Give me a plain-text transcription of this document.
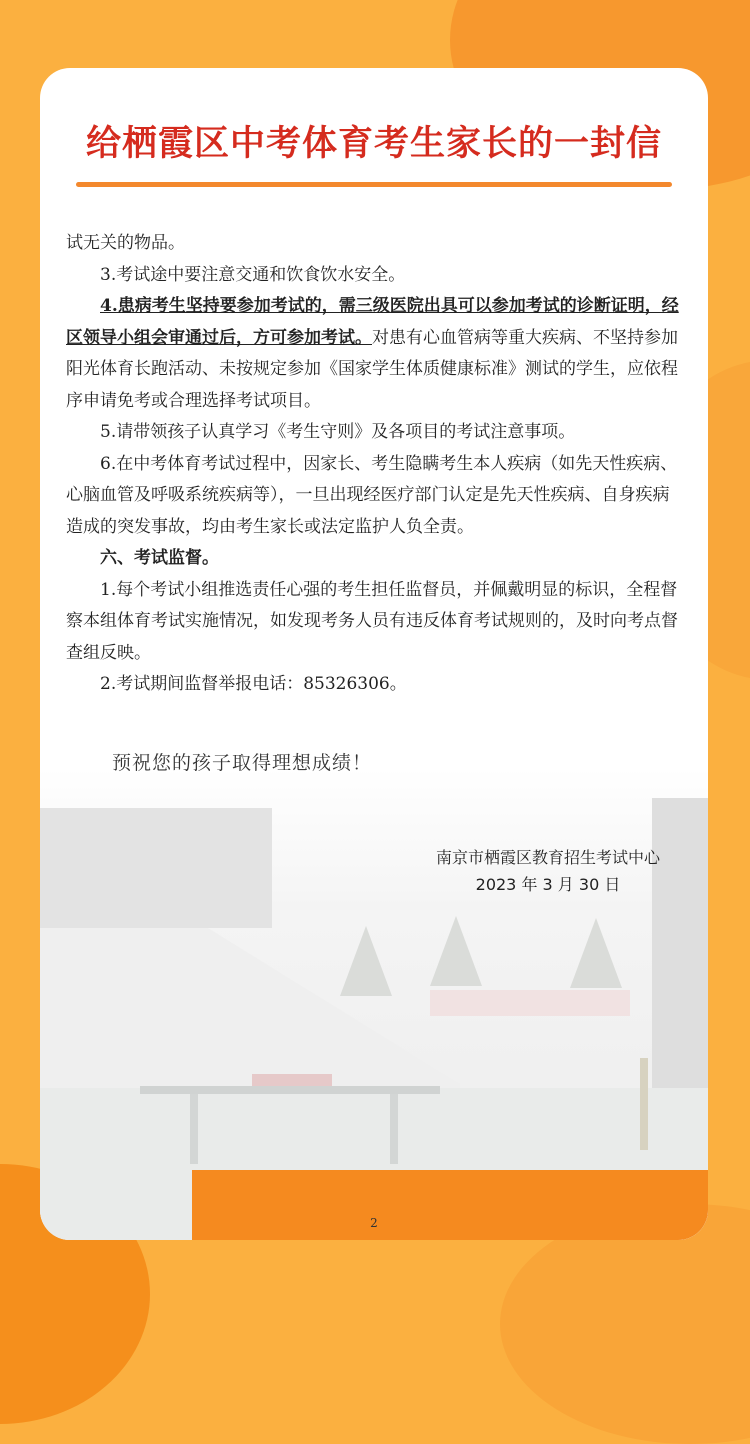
给栖霞区中考体育考生家长的一封信

试无关的物品。

3.考试途中要注意交通和饮食饮水安全。

4.患病考生坚持要参加考试的，需三级医院出具可以参加考试的诊断证明，经区领导小组会审通过后，方可参加考试。对患有心血管病等重大疾病、不坚持参加阳光体育长跑活动、未按规定参加《国家学生体质健康标准》测试的学生，应依程序申请免考或合理选择考试项目。

5.请带领孩子认真学习《考生守则》及各项目的考试注意事项。

6.在中考体育考试过程中，因家长、考生隐瞒考生本人疾病（如先天性疾病、心脑血管及呼吸系统疾病等），一旦出现经医疗部门认定是先天性疾病、自身疾病造成的突发事故，均由考生家长或法定监护人负全责。

六、考试监督。

1.每个考试小组推选责任心强的考生担任监督员，并佩戴明显的标识，全程督察本组体育考试实施情况，如发现考务人员有违反体育考试规则的，及时向考点督查组反映。

2.考试期间监督举报电话：85326306。

预祝您的孩子取得理想成绩！
南京市栖霞区教育招生考试中心
2023 年 3 月 30 日
2
